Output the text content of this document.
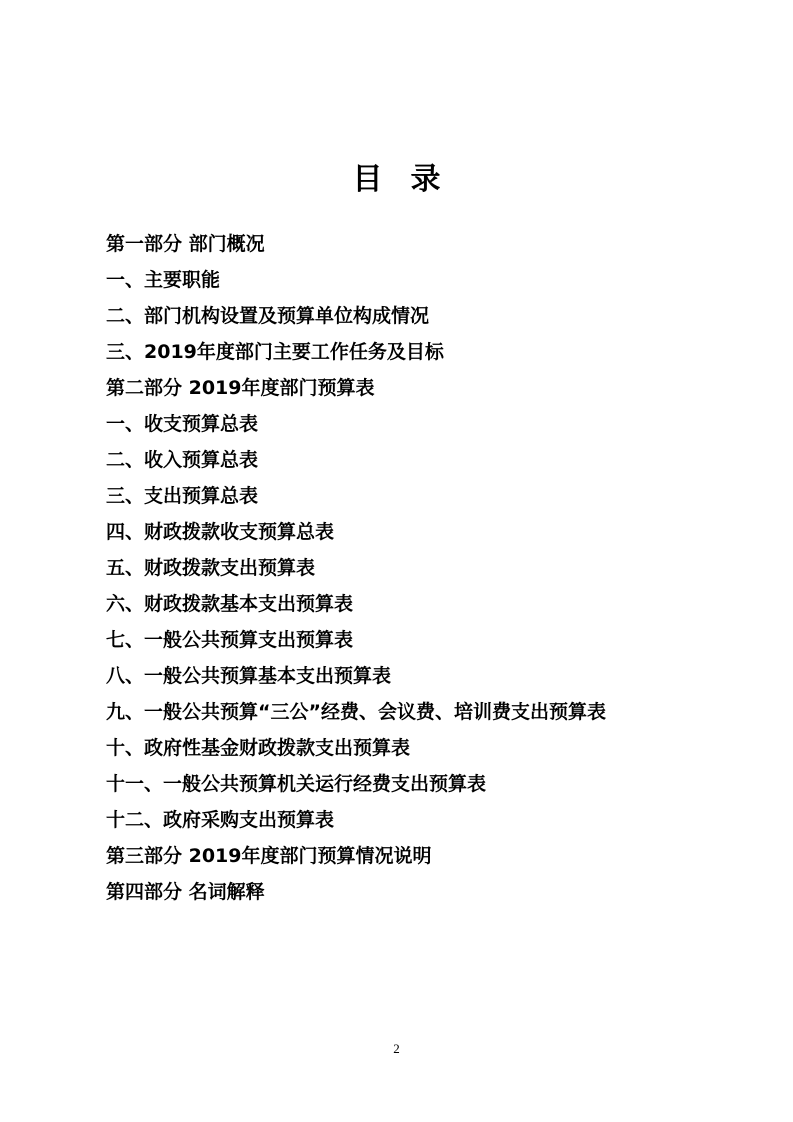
目录
第一部分 部门概况
一、主要职能
二、部门机构设置及预算单位构成情况
三、2019年度部门主要工作任务及目标
第二部分 2019年度部门预算表
一、收支预算总表
二、收入预算总表
三、支出预算总表
四、财政拨款收支预算总表
五、财政拨款支出预算表
六、财政拨款基本支出预算表
七、一般公共预算支出预算表
八、一般公共预算基本支出预算表
九、一般公共预算“三公”经费、会议费、培训费支出预算表
十、政府性基金财政拨款支出预算表
十一、一般公共预算机关运行经费支出预算表
十二、政府采购支出预算表
第三部分 2019年度部门预算情况说明
第四部分 名词解释
2
